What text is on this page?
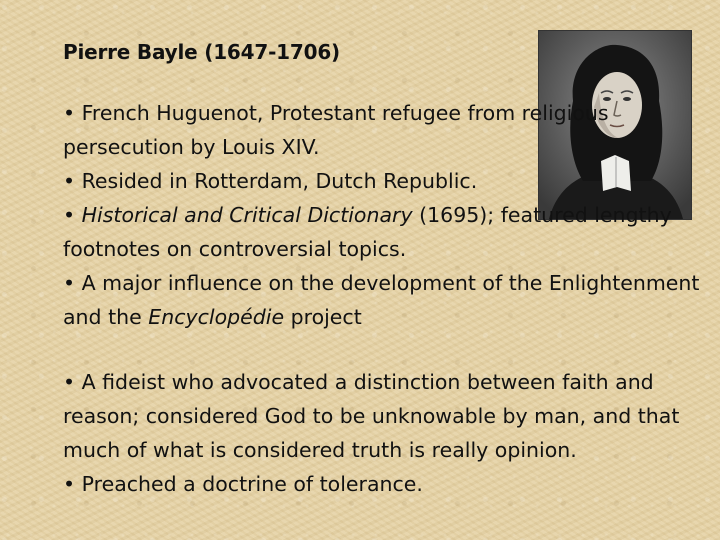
Pierre Bayle (1647-1706)

• French Huguenot, Protestant refugee from religious persecution by Louis XIV.

• Resided in Rotterdam, Dutch Republic.

• Historical and Critical Dictionary (1695); featured lengthy footnotes on controversial topics.

• A major influence on the development of the Enlightenment and the Encyclopédie project

• A fideist who advocated a distinction between faith and reason; considered God to be unknowable by man, and that much of what is considered truth is really opinion.

• Preached a doctrine of tolerance.
